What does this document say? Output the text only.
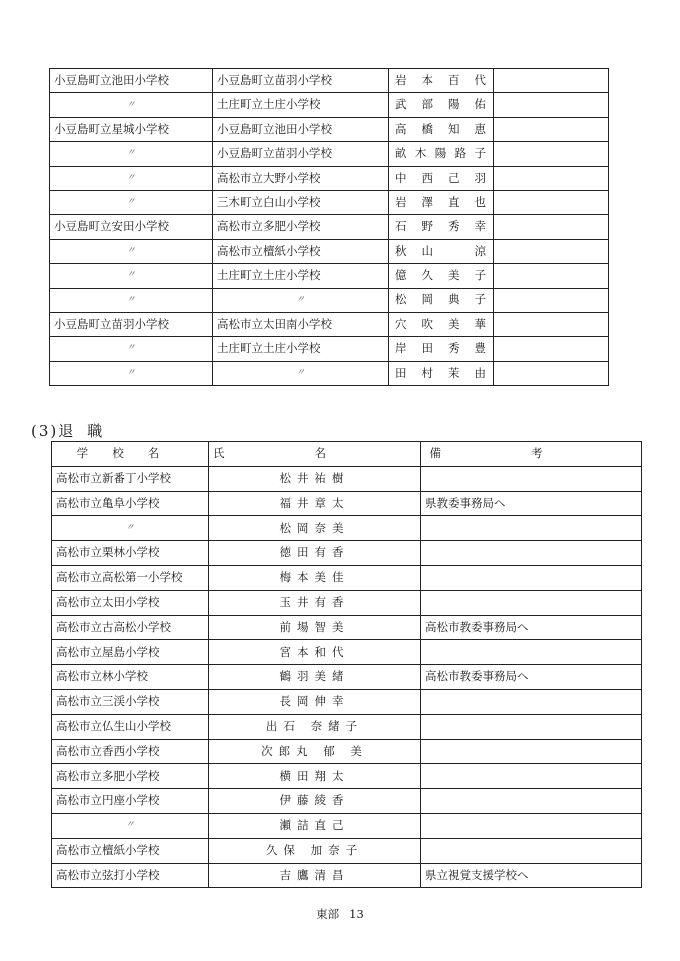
小豆島町立池田小学校	小豆島町立苗羽小学校	岩本百代	
〃	土庄町立土庄小学校	武部陽佑	
小豆島町立星城小学校	小豆島町立池田小学校	高橋知恵	
〃	小豆島町立苗羽小学校	畝木陽路子	
〃	高松市立大野小学校	中西己羽	
〃	三木町立白山小学校	岩澤直也	
小豆島町立安田小学校	高松市立多肥小学校	石野秀幸	
〃	高松市立檀紙小学校	秋山　涼	
〃	土庄町立土庄小学校	億久美子	
〃	〃	松岡典子	
小豆島町立苗羽小学校	高松市立太田南小学校	穴吹美華	
〃	土庄町立土庄小学校	岸田秀豊	
〃	〃	田村茉由	
(3)退職
学校名	氏名	備考
高松市立新番丁小学校	松井祐樹	
高松市立亀阜小学校	福井章太	県教委事務局へ
〃	松岡奈美	
高松市立栗林小学校	徳田有香	
高松市立高松第一小学校	梅本美佳	
高松市立太田小学校	玉井有香	
高松市立古高松小学校	前場智美	高松市教委事務局へ
高松市立屋島小学校	宮本和代	
高松市立林小学校	鶴羽美緒	高松市教委事務局へ
高松市立三渓小学校	長岡伸幸	
高松市立仏生山小学校	出石 奈緒子	
高松市立香西小学校	次郎丸 郁 美	
高松市立多肥小学校	横田翔太	
高松市立円座小学校	伊藤綾香	
〃	瀬詰直己	
高松市立檀紙小学校	久保 加奈子	
高松市立弦打小学校	吉鷹清昌	県立視覚支援学校へ
東部 13
